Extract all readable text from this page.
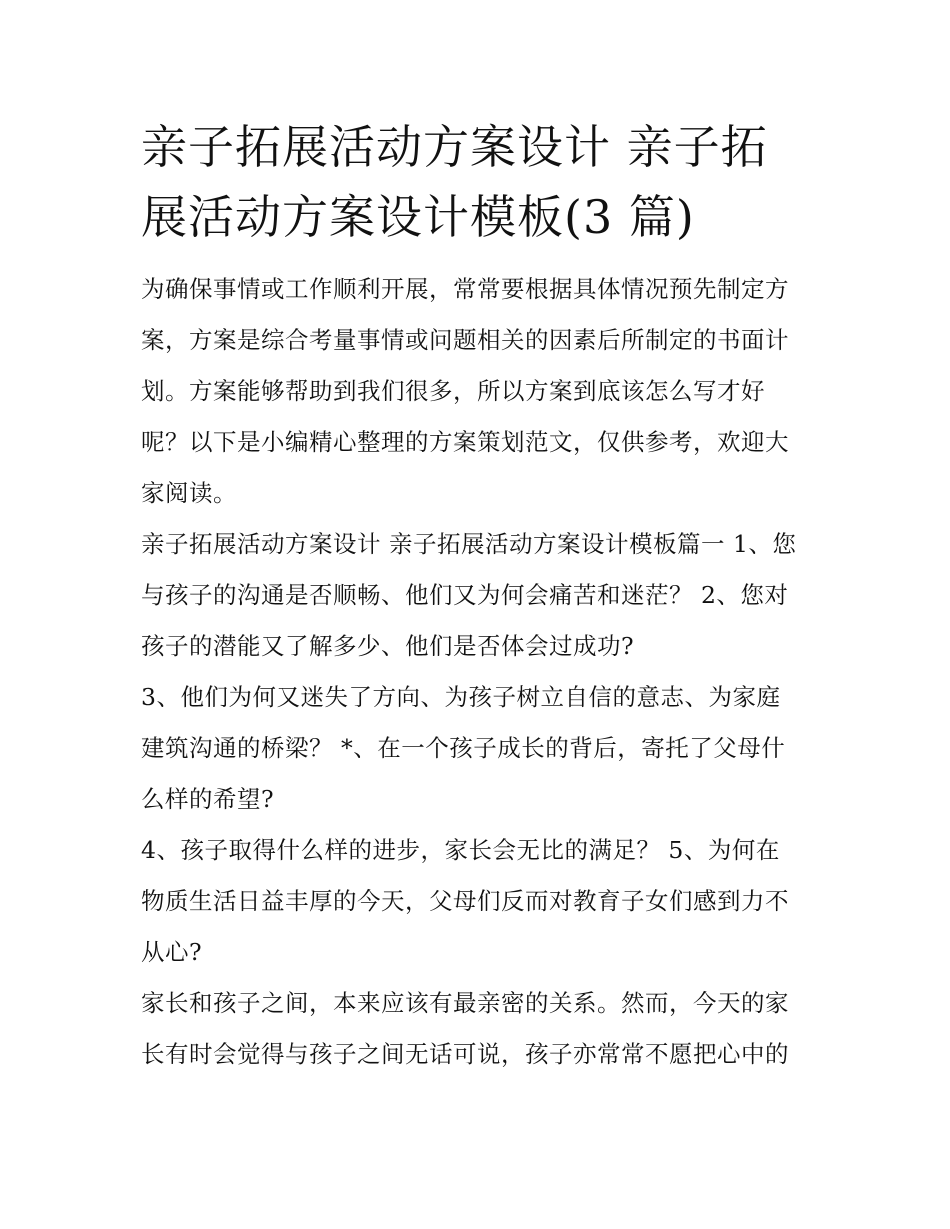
亲子拓展活动方案设计 亲子拓
展活动方案设计模板(3 篇)

为确保事情或工作顺利开展，常常要根据具体情况预先制定方
案，方案是综合考量事情或问题相关的因素后所制定的书面计
划。方案能够帮助到我们很多，所以方案到底该怎么写才好
呢？以下是小编精心整理的方案策划范文，仅供参考，欢迎大
家阅读。

亲子拓展活动方案设计 亲子拓展活动方案设计模板篇一 1、您
与孩子的沟通是否顺畅、他们又为何会痛苦和迷茫？ 2、您对
孩子的潜能又了解多少、他们是否体会过成功?

3、他们为何又迷失了方向、为孩子树立自信的意志、为家庭
建筑沟通的桥梁？ *、在一个孩子成长的背后，寄托了父母什
么样的希望?

4、孩子取得什么样的进步，家长会无比的满足？ 5、为何在
物质生活日益丰厚的今天，父母们反而对教育子女们感到力不
从心?

家长和孩子之间，本来应该有最亲密的关系。然而，今天的家
长有时会觉得与孩子之间无话可说，孩子亦常常不愿把心中的
